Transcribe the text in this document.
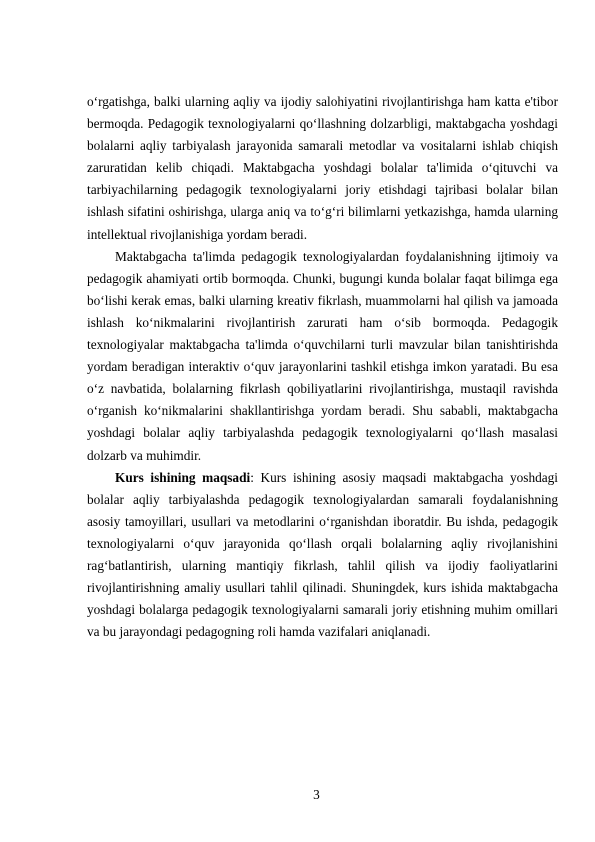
o‘rgatishga, balki ularning aqliy va ijodiy salohiyatini rivojlantirishga ham katta e'tibor bermoqda. Pedagogik texnologiyalarni qo‘llashning dolzarbligi, maktabgacha yoshdagi bolalarni aqliy tarbiyalash jarayonida samarali metodlar va vositalarni ishlab chiqish zaruratidan kelib chiqadi. Maktabgacha yoshdagi bolalar ta'limida o‘qituvchi va tarbiyachilarning pedagogik texnologiyalarni joriy etishdagi tajribasi bolalar bilan ishlash sifatini oshirishga, ularga aniq va to‘g‘ri bilimlarni yetkazishga, hamda ularning intellektual rivojlanishiga yordam beradi.

Maktabgacha ta'limda pedagogik texnologiyalardan foydalanishning ijtimoiy va pedagogik ahamiyati ortib bormoqda. Chunki, bugungi kunda bolalar faqat bilimga ega bo‘lishi kerak emas, balki ularning kreativ fikrlash, muammolarni hal qilish va jamoada ishlash ko‘nikmalarini rivojlantirish zarurati ham o‘sib bormoqda. Pedagogik texnologiyalar maktabgacha ta'limda o‘quvchilarni turli mavzular bilan tanishtirishda yordam beradigan interaktiv o‘quv jarayonlarini tashkil etishga imkon yaratadi. Bu esa o‘z navbatida, bolalarning fikrlash qobiliyatlarini rivojlantirishga, mustaqil ravishda o‘rganish ko‘nikmalarini shakllantirishga yordam beradi. Shu sababli, maktabgacha yoshdagi bolalar aqliy tarbiyalashda pedagogik texnologiyalarni qo‘llash masalasi dolzarb va muhimdir.

Kurs ishining maqsadi: Kurs ishining asosiy maqsadi maktabgacha yoshdagi bolalar aqliy tarbiyalashda pedagogik texnologiyalardan samarali foydalanishning asosiy tamoyillari, usullari va metodlarini o‘rganishdan iboratdir. Bu ishda, pedagogik texnologiyalarni o‘quv jarayonida qo‘llash orqali bolalarning aqliy rivojlanishini rag‘batlantirish, ularning mantiqiy fikrlash, tahlil qilish va ijodiy faoliyatlarini rivojlantirishning amaliy usullari tahlil qilinadi. Shuningdek, kurs ishida maktabgacha yoshdagi bolalarga pedagogik texnologiyalarni samarali joriy etishning muhim omillari va bu jarayondagi pedagogning roli hamda vazifalari aniqlanadi.

3
